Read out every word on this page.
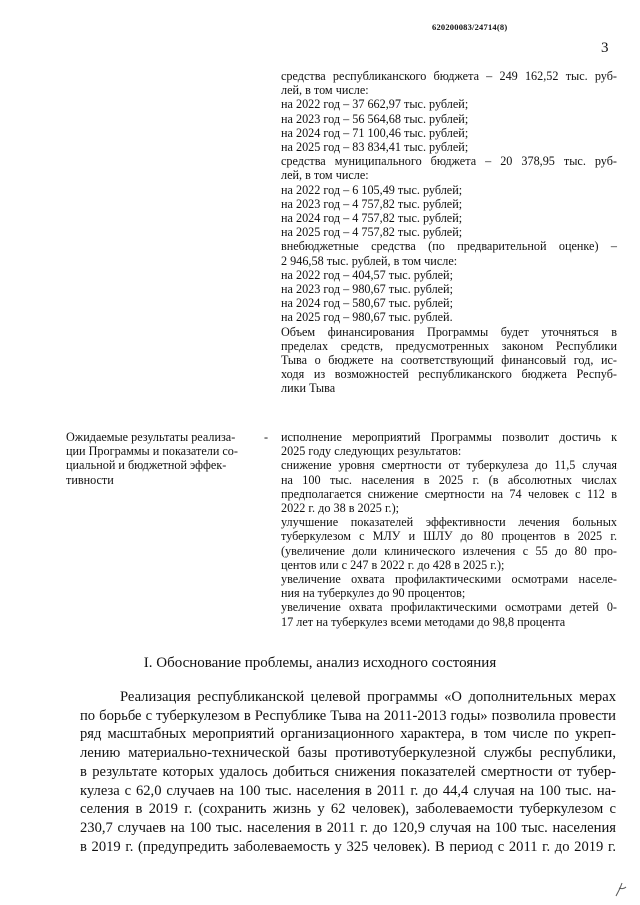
620200083/24714(8)
3
средства республиканского бюджета – 249 162,52 тыс. руб-
лей, в том числе:
на 2022 год – 37 662,97 тыс. рублей;
на 2023 год – 56 564,68 тыс. рублей;
на 2024 год – 71 100,46 тыс. рублей;
на 2025 год – 83 834,41 тыс. рублей;
средства муниципального бюджета – 20 378,95 тыс. руб-
лей, в том числе:
на 2022 год – 6 105,49 тыс. рублей;
на 2023 год – 4 757,82 тыс. рублей;
на 2024 год – 4 757,82 тыс. рублей;
на 2025 год – 4 757,82 тыс. рублей;
внебюджетные средства (по предварительной оценке) –
2 946,58 тыс. рублей, в том числе:
на 2022 год – 404,57 тыс. рублей;
на 2023 год – 980,67 тыс. рублей;
на 2024 год – 580,67 тыс. рублей;
на 2025 год – 980,67 тыс. рублей.
Объем финансирования Программы будет уточняться в
пределах средств, предусмотренных законом Республики
Тыва о бюджете на соответствующий финансовый год, ис-
ходя из возможностей республиканского бюджета Респуб-
лики Тыва
Ожидаемые результаты реализа-
ции Программы и показатели со-
циальной и бюджетной эффек-
тивности
- исполнение мероприятий Программы позволит достичь к
2025 году следующих результатов:
снижение уровня смертности от туберкулеза до 11,5 случая
на 100 тыс. населения в 2025 г. (в абсолютных числах
предполагается снижение смертности на 74 человек с 112 в
2022 г. до 38 в 2025 г.);
улучшение показателей эффективности лечения больных
туберкулезом с МЛУ и ШЛУ до 80 процентов в 2025 г.
(увеличение доли клинического излечения с 55 до 80 про-
центов или с 247 в 2022 г. до 428 в 2025 г.);
увеличение охвата профилактическими осмотрами населе-
ния на туберкулез до 90 процентов;
увеличение охвата профилактическими осмотрами детей 0-
17 лет на туберкулез всеми методами до 98,8 процента
I. Обоснование проблемы, анализ исходного состояния
Реализация республиканской целевой программы «О дополнительных мерах
по борьбе с туберкулезом в Республике Тыва на 2011-2013 годы» позволила провести
ряд масштабных мероприятий организационного характера, в том числе по укреп-
лению материально-технической базы противотуберкулезной службы республики,
в результате которых удалось добиться снижения показателей смертности от тубер-
кулеза с 62,0 случаев на 100 тыс. населения в 2011 г. до 44,4 случая на 100 тыс. на-
селения в 2019 г. (сохранить жизнь у 62 человек), заболеваемости туберкулезом с
230,7 случаев на 100 тыс. населения в 2011 г. до 120,9 случая на 100 тыс. населения
в 2019 г. (предупредить заболеваемость у 325 человек). В период с 2011 г. до 2019 г.
